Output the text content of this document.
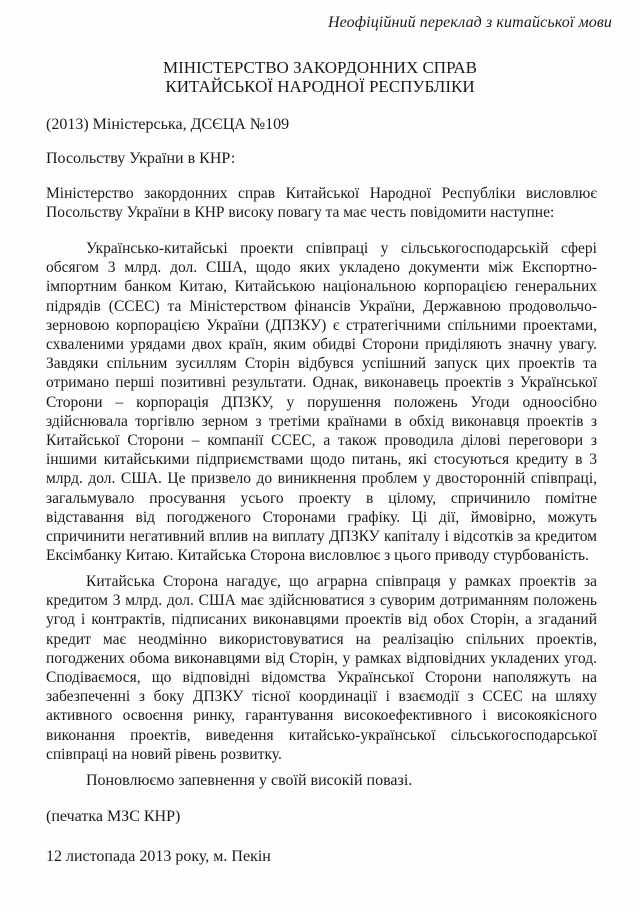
Неофіційний переклад з китайської мови
МІНІСТЕРСТВО ЗАКОРДОННИХ СПРАВ
КИТАЙСЬКОЇ НАРОДНОЇ РЕСПУБЛІКИ
(2013) Міністерська, ДСЄЦА №109
Посольству України в КНР:
Міністерство закордонних справ Китайської Народної Республіки висловлює
Посольству України в КНР високу повагу та має честь повідомити наступне:
Українсько-китайські проекти співпраці у сільськогосподарській сфері
обсягом 3 млрд. дол. США, щодо яких укладено документи між Експортно-
імпортним банком Китаю, Китайською національною корпорацією генеральних
підрядів (CCEC) та Міністерством фінансів України, Державною продовольчо-
зерновою корпорацією України (ДПЗКУ) є стратегічними спільними проектами,
схваленими урядами двох країн, яким обидві Сторони приділяють значну увагу.
Завдяки спільним зусиллям Сторін відбувся успішний запуск цих проектів та
отримано перші позитивні результати. Однак, виконавець проектів з Української
Сторони – корпорація ДПЗКУ, у порушення положень Угоди одноосібно
здійснювала торгівлю зерном з третіми країнами в обхід виконавця проектів з
Китайської Сторони – компанії CCEC, а також проводила ділові переговори з
іншими китайськими підприємствами щодо питань, які стосуються кредиту в 3
млрд. дол. США. Це призвело до виникнення проблем у двосторонній співпраці,
загальмувало просування усього проекту в цілому, спричинило помітне
відставання від погодженого Сторонами графіку. Ці дії, ймовірно, можуть
спричинити негативний вплив на виплату ДПЗКУ капіталу і відсотків за кредитом
Ексімбанку Китаю. Китайська Сторона висловлює з цього приводу стурбованість.
Китайська Сторона нагадує, що аграрна співпраця у рамках проектів за
кредитом 3 млрд. дол. США має здійснюватися з суворим дотриманням положень
угод і контрактів, підписаних виконавцями проектів від обох Сторін, а згаданий
кредит має неодмінно використовуватися на реалізацію спільних проектів,
погоджених обома виконавцями від Сторін, у рамках відповідних укладених угод.
Сподіваємося, що відповідні відомства Української Сторони наполяжуть на
забезпеченні з боку ДПЗКУ тісної координації і взаємодії з CCEC на шляху
активного освоєння ринку, гарантування високоефективного і високоякісного
виконання проектів, виведення китайсько-української сільськогосподарської
співпраці на новий рівень розвитку.
Поновлюємо запевнення у своїй високій повазі.
(печатка МЗС КНР)
12 листопада 2013 року, м. Пекін
